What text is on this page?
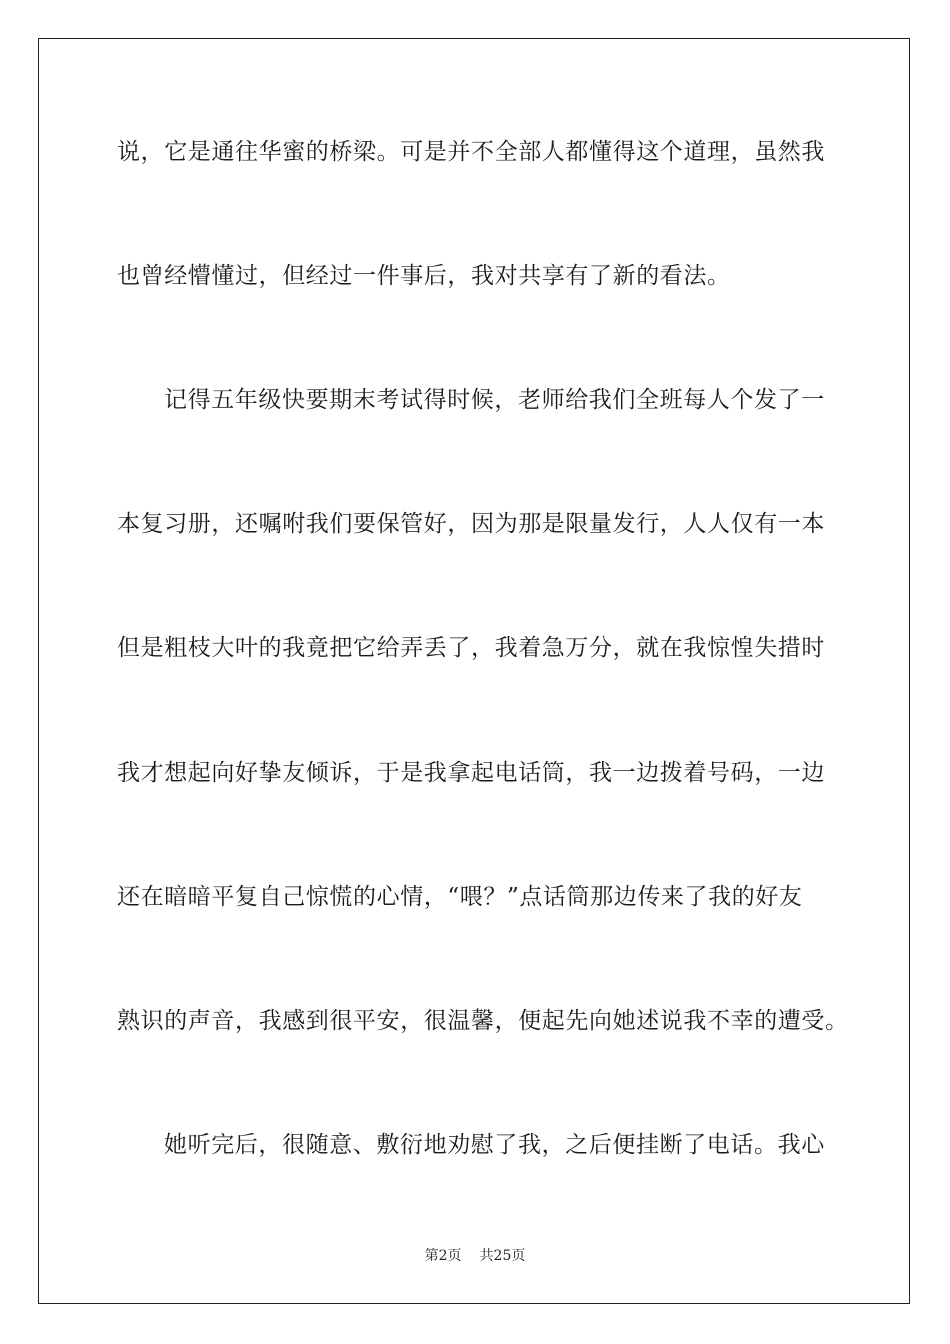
说，它是通往华蜜的桥梁。可是并不全部人都懂得这个道理，虽然我
也曾经懵懂过，但经过一件事后，我对共享有了新的看法。
记得五年级快要期末考试得时候，老师给我们全班每人个发了一
本复习册，还嘱咐我们要保管好，因为那是限量发行，人人仅有一本
但是粗枝大叶的我竟把它给弄丢了，我着急万分，就在我惊惶失措时
我才想起向好挚友倾诉，于是我拿起电话筒，我一边拨着号码，一边
还在暗暗平复自己惊慌的心情，“喂？”点话筒那边传来了我的好友
熟识的声音，我感到很平安，很温馨，便起先向她述说我不幸的遭受。
她听完后，很随意、敷衍地劝慰了我，之后便挂断了电话。我心
第2页 共25页
